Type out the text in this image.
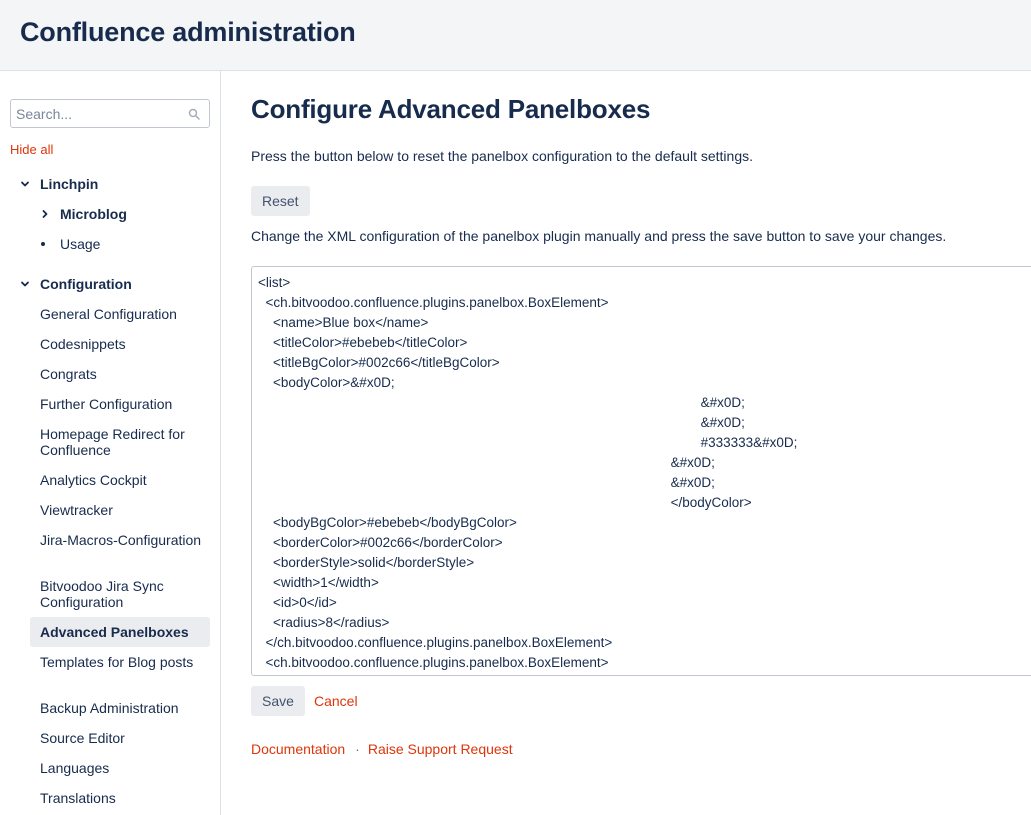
Confluence administration
Search...
Hide all
Linchpin
Microblog
Usage
Configuration
General Configuration
Codesnippets
Congrats
Further Configuration
Homepage Redirect for Confluence
Analytics Cockpit
Viewtracker
Jira-Macros-Configuration
Bitvoodoo Jira Sync Configuration
Advanced Panelboxes
Templates for Blog posts
Backup Administration
Source Editor
Languages
Translations
Configure Advanced Panelboxes
Press the button below to reset the panelbox configuration to the default settings.
Reset
Change the XML configuration of the panelbox plugin manually and press the save button to save your changes.
<list>
<ch.bitvoodoo.confluence.plugins.panelbox.BoxElement>
<name>Blue box</name>
<titleColor>#ebebeb</titleColor>
<titleBgColor>#002c66</titleBgColor>
<bodyColor>&#x0D;
&#x0D;
&#x0D;
#333333&#x0D;
&#x0D;
&#x0D;
</bodyColor>
<bodyBgColor>#ebebeb</bodyBgColor>
<borderColor>#002c66</borderColor>
<borderStyle>solid</borderStyle>
<width>1</width>
<id>0</id>
<radius>8</radius>
</ch.bitvoodoo.confluence.plugins.panelbox.BoxElement>
<ch.bitvoodoo.confluence.plugins.panelbox.BoxElement>
Save	Cancel
Documentation · Raise Support Request
